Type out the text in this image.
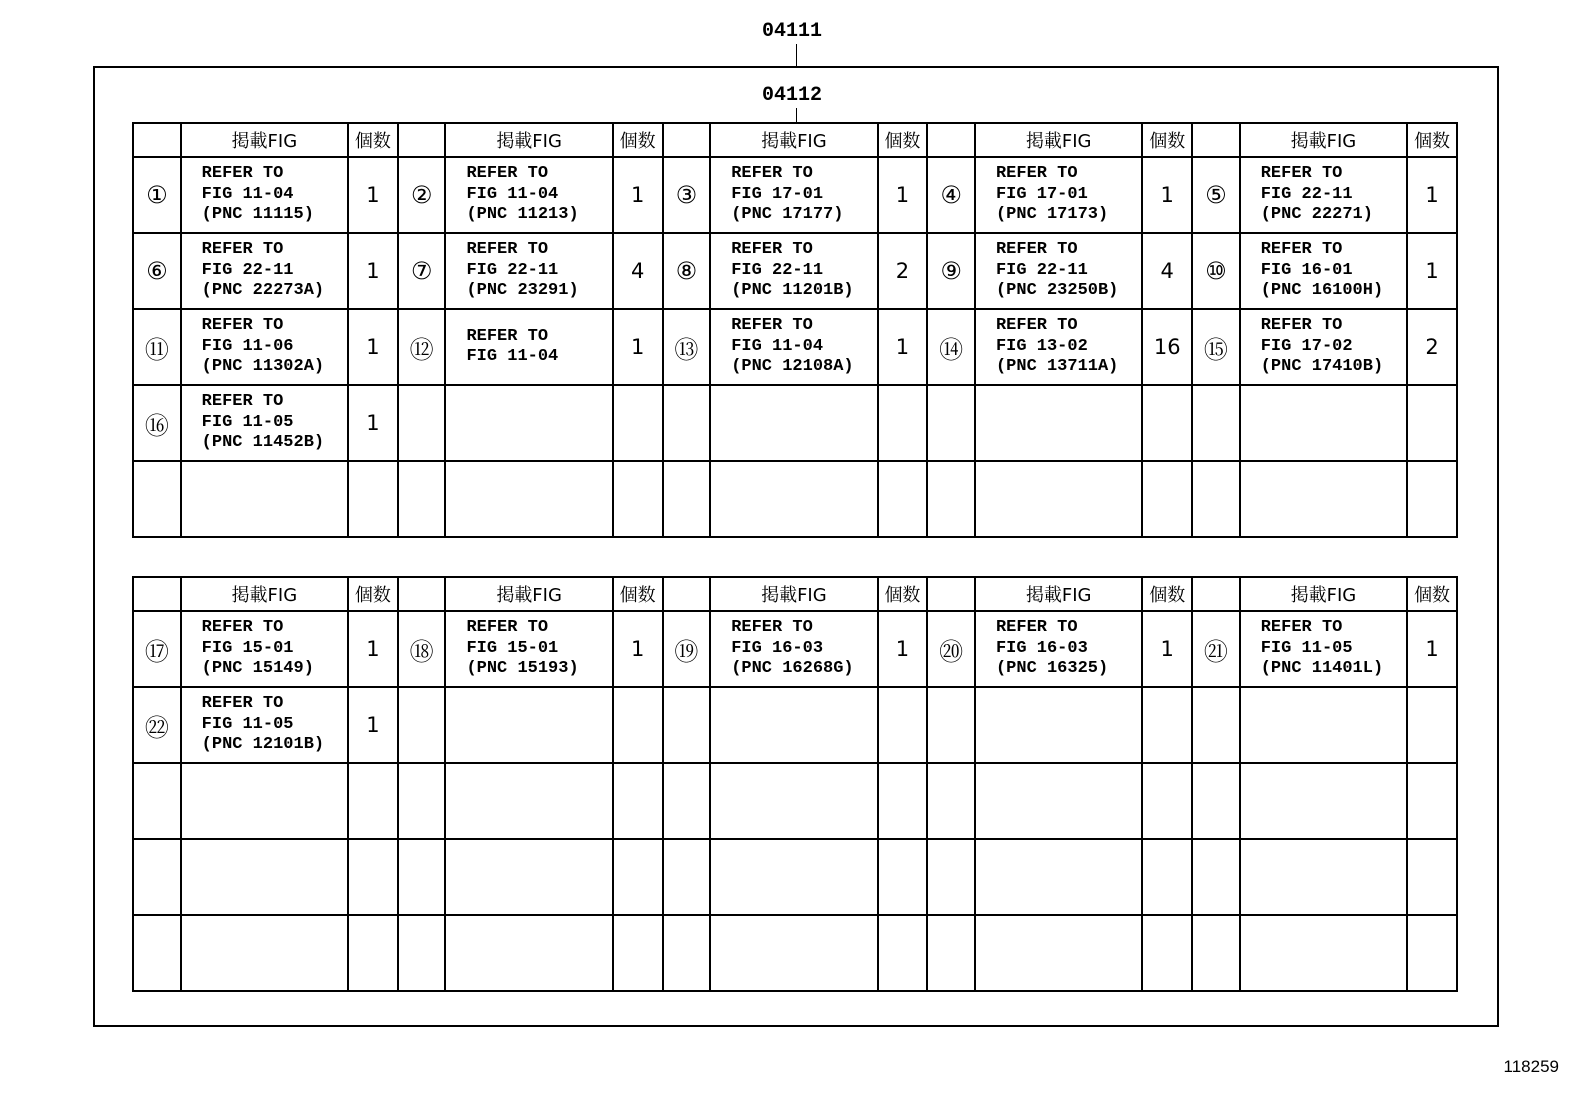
04111
04112
	掲載FIG	個数		掲載FIG	個数		掲載FIG	個数		掲載FIG	個数		掲載FIG	個数
①	REFER TO
FIG 11-04
(PNC 11115)	1	②	REFER TO
FIG 11-04
(PNC 11213)	1	③	REFER TO
FIG 17-01
(PNC 17177)	1	④	REFER TO
FIG 17-01
(PNC 17173)	1	⑤	REFER TO
FIG 22-11
(PNC 22271)	1
⑥	REFER TO
FIG 22-11
(PNC 22273A)	1	⑦	REFER TO
FIG 22-11
(PNC 23291)	4	⑧	REFER TO
FIG 22-11
(PNC 11201B)	2	⑨	REFER TO
FIG 22-11
(PNC 23250B)	4	⑩	REFER TO
FIG 16-01
(PNC 16100H)	1
⑪	REFER TO
FIG 11-06
(PNC 11302A)	1	⑫	REFER TO
FIG 11-04	1	⑬	REFER TO
FIG 11-04
(PNC 12108A)	1	⑭	REFER TO
FIG 13-02
(PNC 13711A)	16	⑮	REFER TO
FIG 17-02
(PNC 17410B)	2
⑯	REFER TO
FIG 11-05
(PNC 11452B)	1												

	掲載FIG	個数		掲載FIG	個数		掲載FIG	個数		掲載FIG	個数		掲載FIG	個数
⑰	REFER TO
FIG 15-01
(PNC 15149)	1	⑱	REFER TO
FIG 15-01
(PNC 15193)	1	⑲	REFER TO
FIG 16-03
(PNC 16268G)	1	⑳	REFER TO
FIG 16-03
(PNC 16325)	1	㉑	REFER TO
FIG 11-05
(PNC 11401L)	1
㉒	REFER TO
FIG 11-05
(PNC 12101B)	1												

118259
